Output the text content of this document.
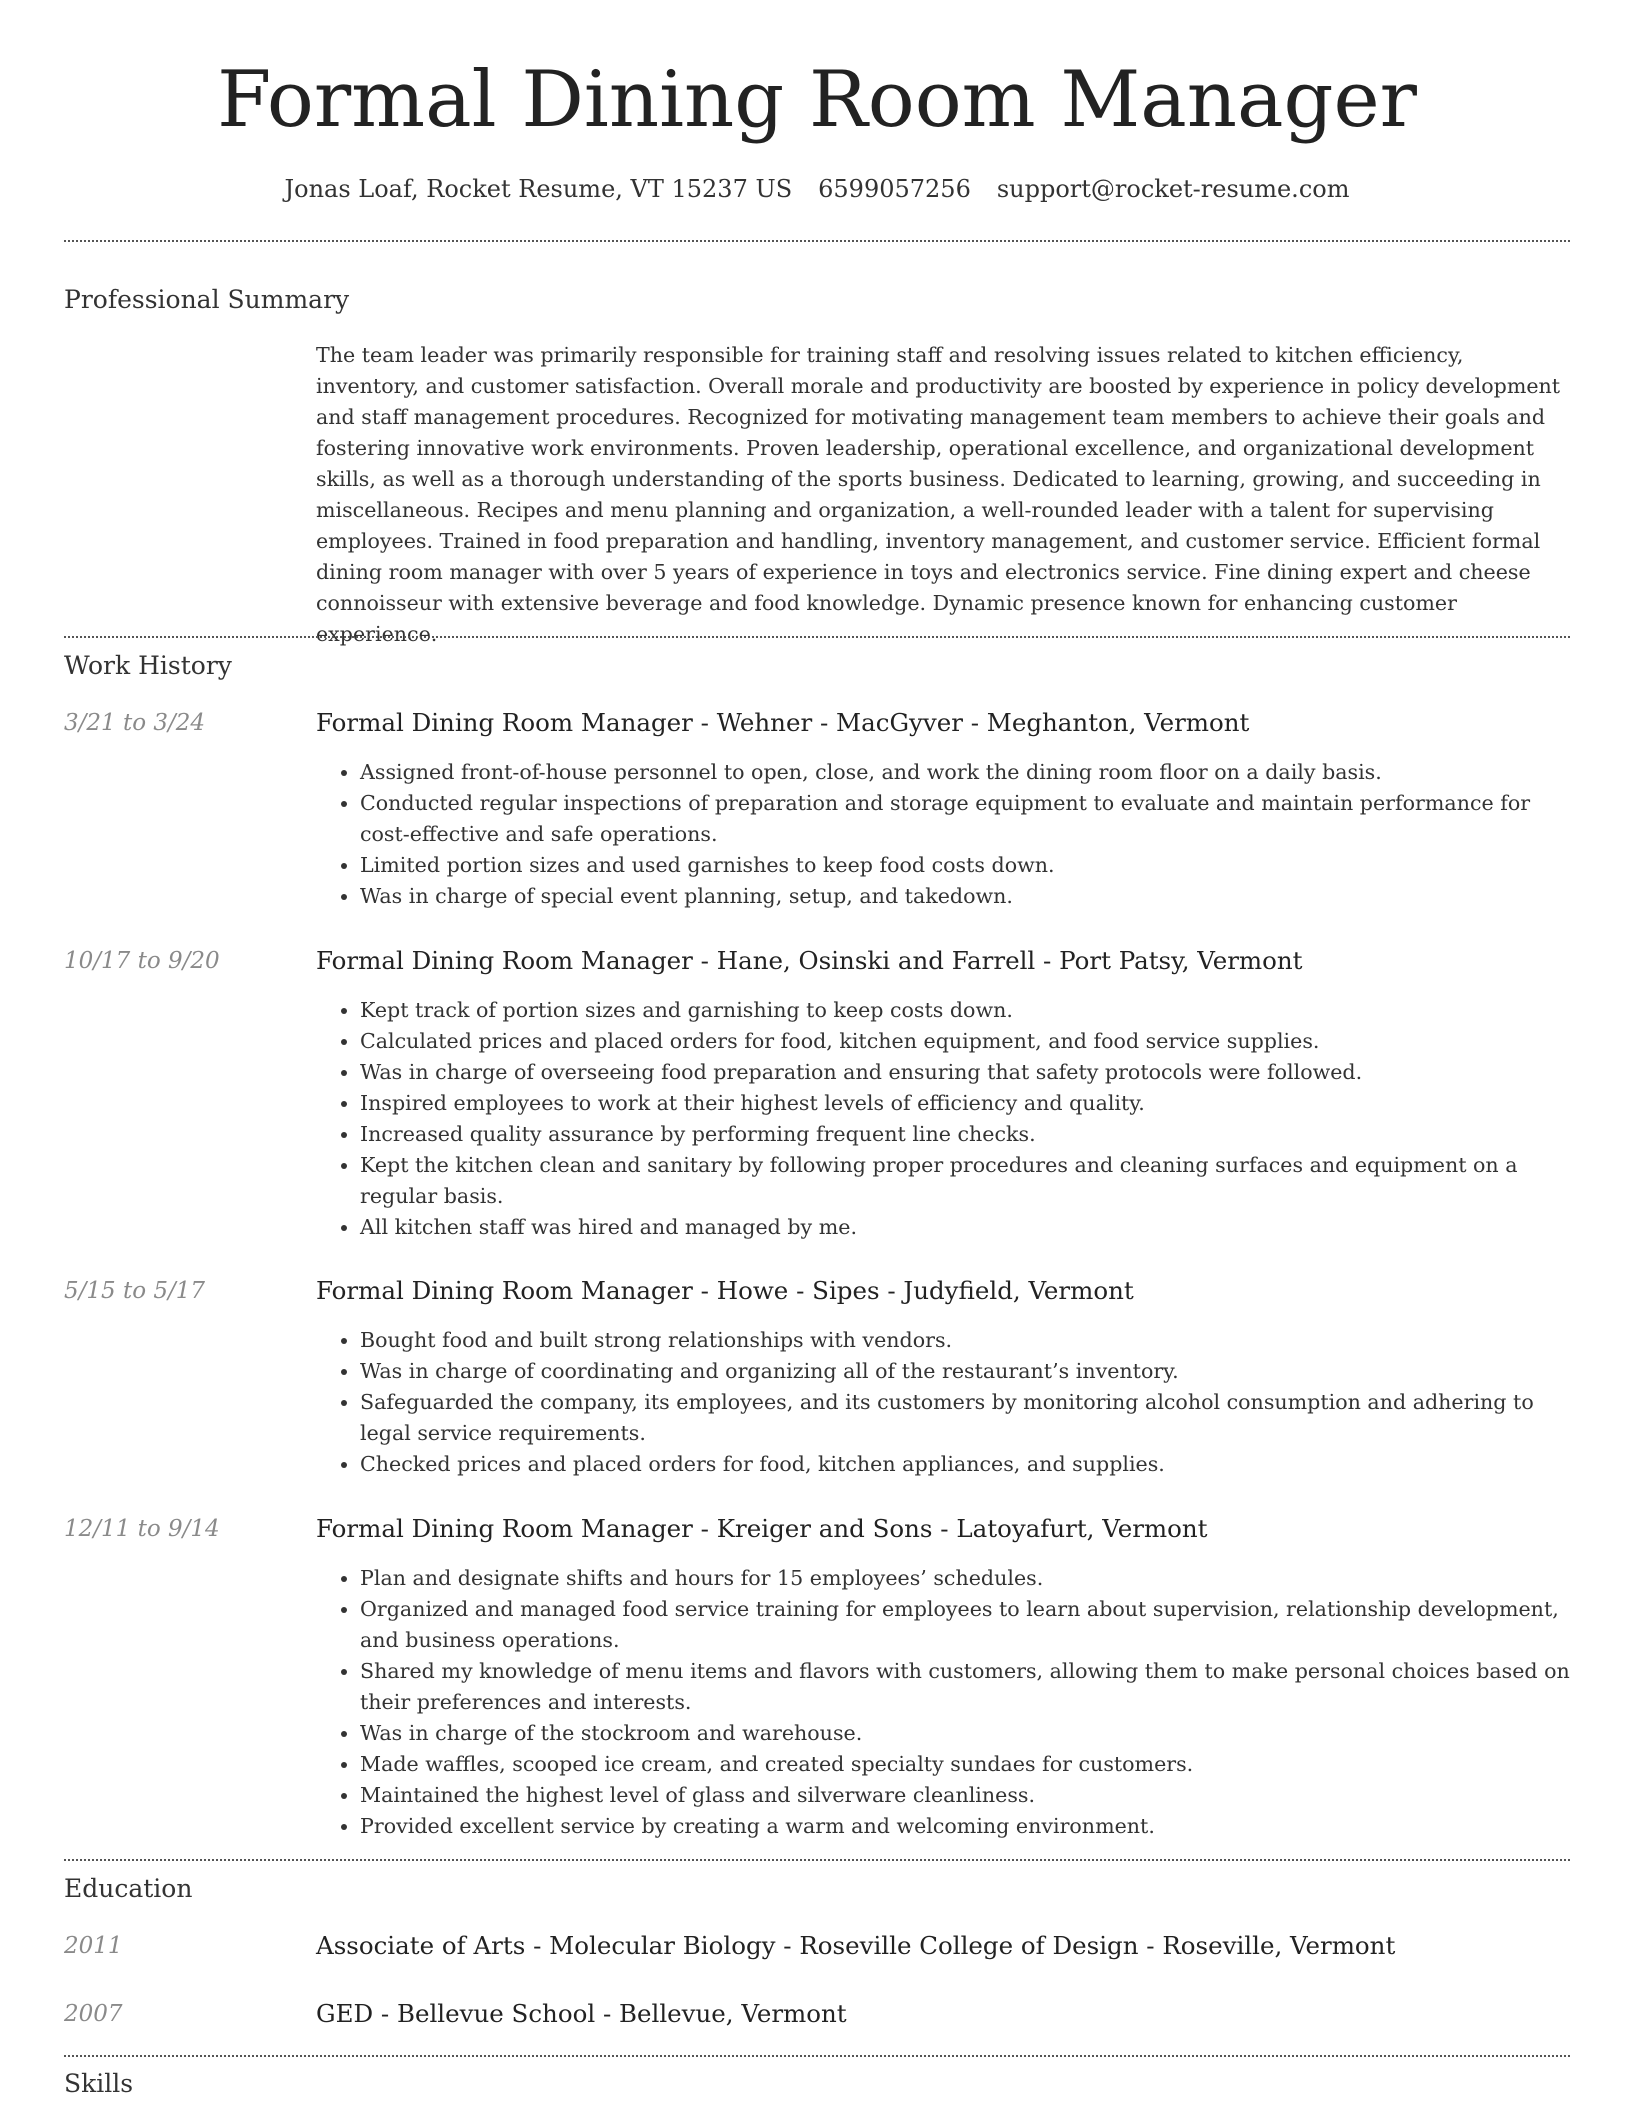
Formal Dining Room Manager
Jonas Loaf, Rocket Resume, VT 15237 US 6599057256 support@rocket-resume.com
Professional Summary
The team leader was primarily responsible for training staff and resolving issues related to kitchen efficiency, inventory, and customer satisfaction. Overall morale and productivity are boosted by experience in policy development and staff management procedures. Recognized for motivating management team members to achieve their goals and fostering innovative work environments. Proven leadership, operational excellence, and organizational development skills, as well as a thorough understanding of the sports business. Dedicated to learning, growing, and succeeding in miscellaneous. Recipes and menu planning and organization, a well-rounded leader with a talent for supervising employees. Trained in food preparation and handling, inventory management, and customer service. Efficient formal dining room manager with over 5 years of experience in toys and electronics service. Fine dining expert and cheese connoisseur with extensive beverage and food knowledge. Dynamic presence known for enhancing customer experience.
Work History
3/21 to 3/24	Formal Dining Room Manager - Wehner - MacGyver - Meghanton, Vermont
• Assigned front-of-house personnel to open, close, and work the dining room floor on a daily basis.
• Conducted regular inspections of preparation and storage equipment to evaluate and maintain performance for cost-effective and safe operations.
• Limited portion sizes and used garnishes to keep food costs down.
• Was in charge of special event planning, setup, and takedown.
10/17 to 9/20	Formal Dining Room Manager - Hane, Osinski and Farrell - Port Patsy, Vermont
• Kept track of portion sizes and garnishing to keep costs down.
• Calculated prices and placed orders for food, kitchen equipment, and food service supplies.
• Was in charge of overseeing food preparation and ensuring that safety protocols were followed.
• Inspired employees to work at their highest levels of efficiency and quality.
• Increased quality assurance by performing frequent line checks.
• Kept the kitchen clean and sanitary by following proper procedures and cleaning surfaces and equipment on a regular basis.
• All kitchen staff was hired and managed by me.
5/15 to 5/17	Formal Dining Room Manager - Howe - Sipes - Judyfield, Vermont
• Bought food and built strong relationships with vendors.
• Was in charge of coordinating and organizing all of the restaurant’s inventory.
• Safeguarded the company, its employees, and its customers by monitoring alcohol consumption and adhering to legal service requirements.
• Checked prices and placed orders for food, kitchen appliances, and supplies.
12/11 to 9/14	Formal Dining Room Manager - Kreiger and Sons - Latoyafurt, Vermont
• Plan and designate shifts and hours for 15 employees’ schedules.
• Organized and managed food service training for employees to learn about supervision, relationship development, and business operations.
• Shared my knowledge of menu items and flavors with customers, allowing them to make personal choices based on their preferences and interests.
• Was in charge of the stockroom and warehouse.
• Made waffles, scooped ice cream, and created specialty sundaes for customers.
• Maintained the highest level of glass and silverware cleanliness.
• Provided excellent service by creating a warm and welcoming environment.
Education
2011	Associate of Arts - Molecular Biology - Roseville College of Design - Roseville, Vermont
2007	GED - Bellevue School - Bellevue, Vermont
Skills
